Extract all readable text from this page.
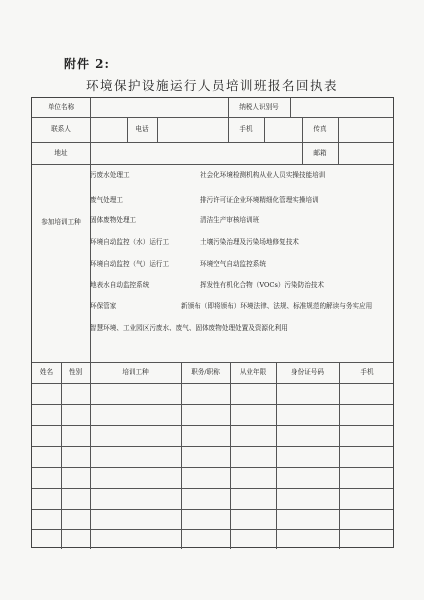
附件 2:
环境保护设施运行人员培训班报名回执表
单位名称	纳税人识别号
联系人	电话	手机	传真
地址	邮箱
参加培训工种
污废水处理工	社会化环境检测机构从业人员实操技能培训
废气处理工	排污许可证企业环境精细化管理实操培训
固体废物处理工	清洁生产审核培训班
环境自动监控（水）运行工	土壤污染治理及污染场地修复技术
环境自动监控（气）运行工	环境空气自动监控系统
地表水自动监控系统	挥发性有机化合物（VOCs）污染防治技术
环保管家	新颁布（即将颁布）环境法律、法规、标准规范的解读与务实应用
智慧环境、工业园区污废水、废气、固体废物处理处置及资源化利用
姓名	性别	培训工种	职务/职称	从业年限	身份证号码	手机
